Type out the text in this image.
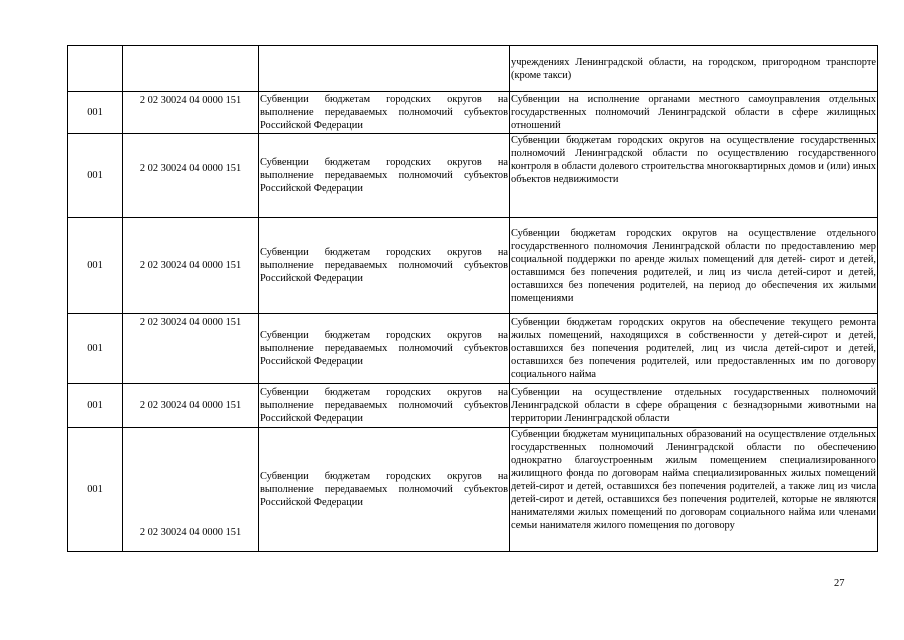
			учреждениях Ленинградской области, на городском, пригородном транспорте (кроме такси)
001	2 02 30024 04 0000 151	Субвенции бюджетам городских округов на выполнение передаваемых полномочий субъектов Российской Федерации	Субвенции на исполнение органами местного самоуправления отдельных государственных полномочий Ленинградской области в сфере жилищных отношений
001	2 02 30024 04 0000 151	Субвенции бюджетам городских округов на выполнение передаваемых полномочий субъектов Российской Федерации	Субвенции бюджетам городских округов на осуществление государственных полномочий Ленинградской области по осуществлению государственного контроля в области долевого строительства многоквартирных домов и (или) иных объектов недвижимости
001	2 02 30024 04 0000 151	Субвенции бюджетам городских округов на выполнение передаваемых полномочий субъектов Российской Федерации	Субвенции бюджетам городских округов на осуществление отдельного государственного полномочия Ленинградской области по предоставлению мер социальной поддержки по аренде жилых помещений для детей- сирот и детей, оставшимся без попечения родителей, и лиц из числа детей-сирот и детей, оставшихся без попечения родителей, на период до обеспечения их жилыми помещениями
001	2 02 30024 04 0000 151	Субвенции бюджетам городских округов на выполнение передаваемых полномочий субъектов Российской Федерации	Субвенции бюджетам городских округов на обеспечение текущего ремонта жилых помещений, находящихся в собственности у детей-сирот и детей, оставшихся без попечения родителей, лиц из числа детей-сирот и детей, оставшихся без попечения родителей, или предоставленных им по договору социального найма
001	2 02 30024 04 0000 151	Субвенции бюджетам городских округов на выполнение передаваемых полномочий субъектов Российской Федерации	Субвенции на осуществление отдельных государственных полномочий Ленинградской области в сфере обращения с безнадзорными животными на территории Ленинградской области
001	2 02 30024 04 0000 151	Субвенции бюджетам городских округов на выполнение передаваемых полномочий субъектов Российской Федерации	Субвенции бюджетам муниципальных образований на осуществление отдельных государственных полномочий Ленинградской области по обеспечению однократно благоустроенным жилым помещением специализированного жилищного фонда по договорам найма специализированных жилых помещений детей-сирот и детей, оставшихся без попечения родителей, а также лиц из числа детей-сирот и детей, оставшихся без попечения родителей, которые не являются нанимателями жилых помещений по договорам социального найма или членами семьи нанимателя жилого помещения по договору
27
